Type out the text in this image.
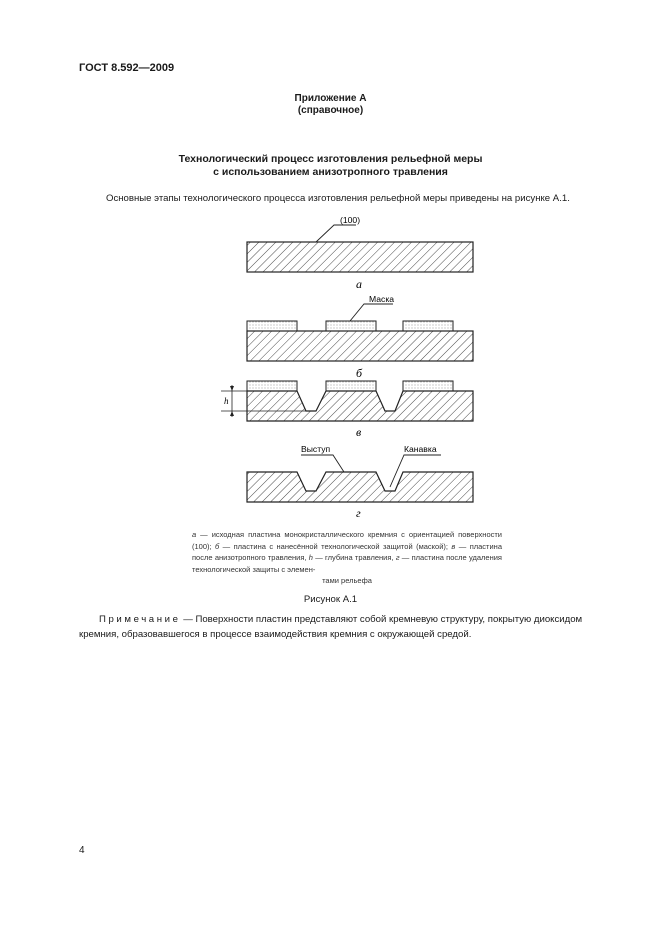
ГОСТ 8.592—2009
Приложение А
(справочное)
Технологический процесс изготовления рельефной меры
с использованием анизотропного травления
Основные этапы технологического процесса изготовления рельефной меры приведены на рисунке А.1.
(100)
а
Маска
б
h
в
Выступ	Канавка
г
а — исходная пластина монокристаллического кремния с ориентацией поверхности (100); б — пластина с нанесённой технологической защитой (маской); в — пластина после анизотропного травления, h — глубина травления, г — пластина после удаления технологической защиты с элемен-
тами рельефа
Рисунок А.1
Примечание — Поверхности пластин представляют собой кремневую структуру, покрытую диоксидом кремния, образовавшегося в процессе взаимодействия кремния с окружающей средой.
4
